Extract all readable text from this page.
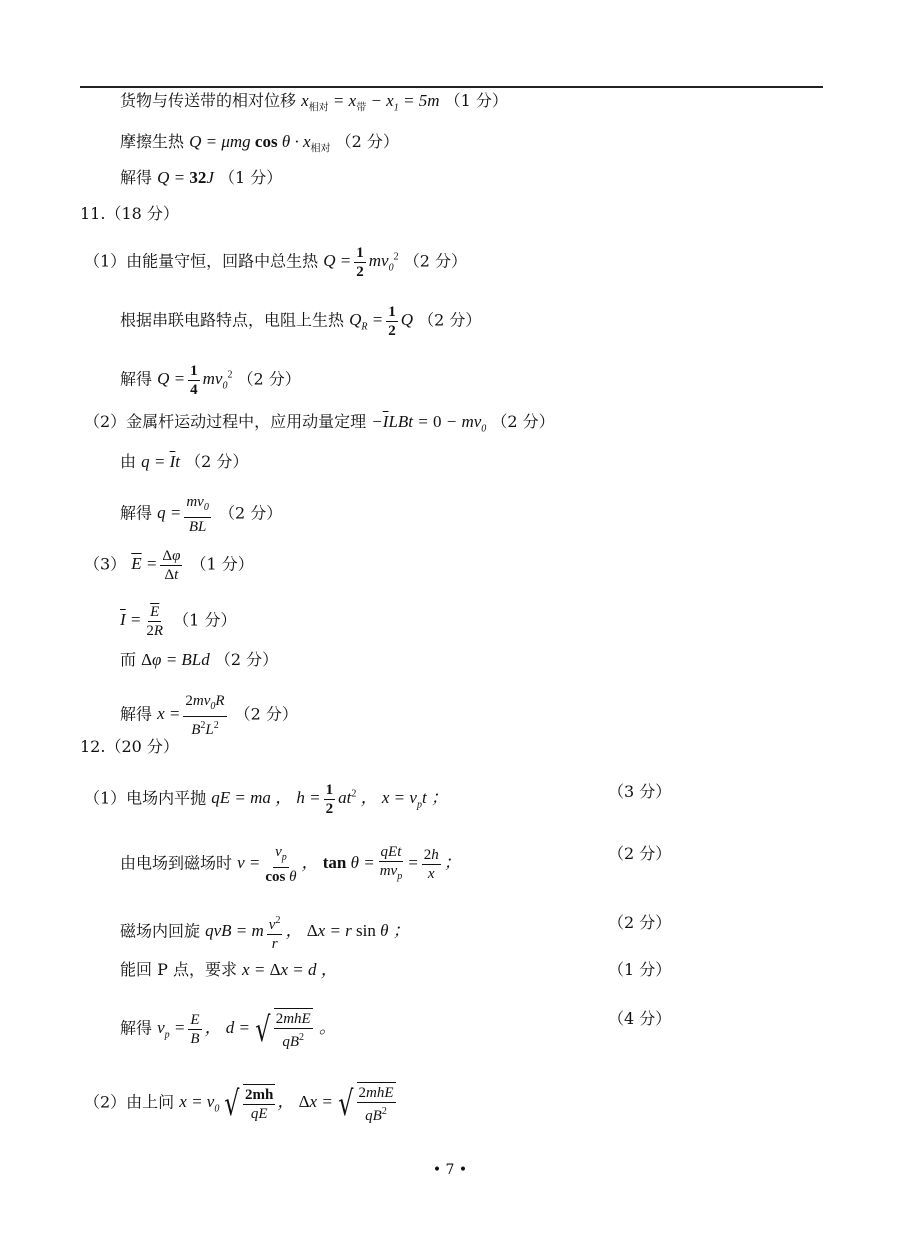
货物与传送带的相对位移 $x_{相对} = x_带 - x_1 = 5m$ （1 分）
摩擦生热 Q = μmg $\cos \theta \cdot x_{相对}$ （2 分）
解得 Q = 32J （1 分）
11.（18 分）
（1）由能量守恒，回路中总生热 $Q = \frac{1}{2} mv_0^2$ （2 分）
根据串联电路特点，电阻上生热 $Q_R = \frac{1}{2}$ Q （2 分）
解得 $Q = \frac{1}{4} mv_0^2$ （2 分）
（2）金属杆运动过程中，应用动量定理 $-\overline{I}LBt = 0 - mv_0$ （2 分）
由 $q = \overline{I}t$ （2 分）
解得 $q = \frac{mv_0}{BL} (2$ 分）
（3） $\overline{E} = \frac{\Delta\varphi}{\Delta t} (1$ 分）
$\overline{I} = \frac{\overline{E}}{2R} (1$ 分）
而 Δφ = BLd （2 分）
解得 $x = \frac{2mv_0R}{B^2L^2} (2$ 分）
12.（20 分）
（1）电场内平抛 qE = ma ， $h = \frac{1}{2} at^2$ ， $x = v_pt$ ；	（3 分）
由电场到磁场时 $v = \frac{v_p}{\text{cos θ}}$ ， $\tan \theta = \frac{\text{qEt}}{mv_p} = \frac{2h}{x}$ ；	（2 分）
磁场内回旋 qvB = m $\frac{v^2}{r}$ ， Δx = r sin θ ；	（2 分）
能回 P 点，要求 x = Δx = d ，	（1 分）
解得 $v_p = \frac{E}{B}$ ， d = √ $\frac{\text{2mhE}}{qB^2}$ 。	（4 分）
（2）由上问 $x = v_0$ √ $\frac{2mh}{qE}$ ， Δx = √ $\frac{\text{2mhE}}{qB^2}$
• 7 •
